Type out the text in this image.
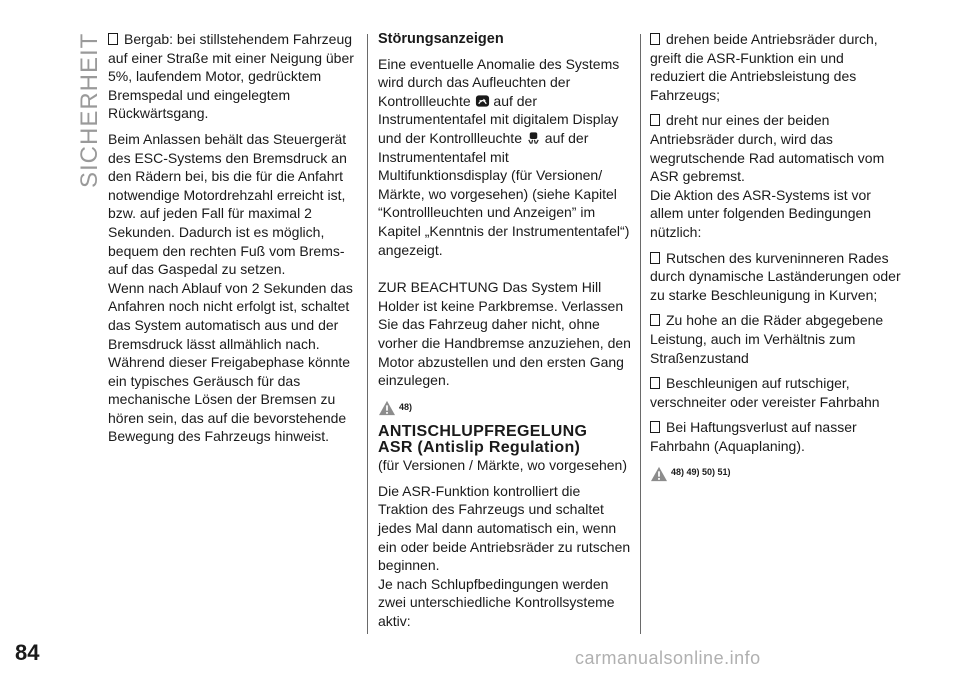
SICHERHEIT
84

Bergab: bei stillstehendem Fahrzeug auf einer Straße mit einer Neigung über 5%, laufendem Motor, gedrücktem Bremspedal und eingelegtem Rückwärtsgang.

Beim Anlassen behält das Steuergerät des ESC-Systems den Bremsdruck an den Rädern bei, bis die für die Anfahrt notwendige Motordrehzahl erreicht ist, bzw. auf jeden Fall für maximal 2 Sekunden. Dadurch ist es möglich, bequem den rechten Fuß vom Brems- auf das Gaspedal zu setzen.

Wenn nach Ablauf von 2 Sekunden das Anfahren noch nicht erfolgt ist, schaltet das System automatisch aus und der Bremsdruck lässt allmählich nach. Während dieser Freigabephase könnte ein typisches Geräusch für das mechanische Lösen der Bremsen zu hören sein, das auf die bevorstehende Bewegung des Fahrzeugs hinweist.

Störungsanzeigen

Eine eventuelle Anomalie des Systems wird durch das Aufleuchten der Kontrollleuchte auf der Instrumententafel mit digitalem Display und der Kontrollleuchte auf der Instrumententafel mit Multifunktionsdisplay (für Versionen/ Märkte, wo vorgesehen) (siehe Kapitel “Kontrollleuchten und Anzeigen” im Kapitel „Kenntnis der Instrumententafel“) angezeigt.

ZUR BEACHTUNG Das System Hill Holder ist keine Parkbremse. Verlassen Sie das Fahrzeug daher nicht, ohne vorher die Handbremse anzuziehen, den Motor abzustellen und den ersten Gang einzulegen.

48)
ANTISCHLUPFREGELUNG
ASR (Antislip Regulation)

(für Versionen / Märkte, wo vorgesehen)

Die ASR-Funktion kontrolliert die Traktion des Fahrzeugs und schaltet jedes Mal dann automatisch ein, wenn ein oder beide Antriebsräder zu rutschen beginnen.

Je nach Schlupfbedingungen werden zwei unterschiedliche Kontrollsysteme aktiv:

drehen beide Antriebsräder durch, greift die ASR-Funktion ein und reduziert die Antriebsleistung des Fahrzeugs;

dreht nur eines der beiden Antriebsräder durch, wird das wegrutschende Rad automatisch vom ASR gebremst.

Die Aktion des ASR-Systems ist vor allem unter folgenden Bedingungen nützlich:

Rutschen des kurveninneren Rades durch dynamische Laständerungen oder zu starke Beschleunigung in Kurven;

Zu hohe an die Räder abgegebene Leistung, auch im Verhältnis zum Straßenzustand

Beschleunigen auf rutschiger, verschneiter oder vereister Fahrbahn

Bei Haftungsverlust auf nasser Fahrbahn (Aquaplaning).

48) 49) 50) 51)
carmanualsonline.info
